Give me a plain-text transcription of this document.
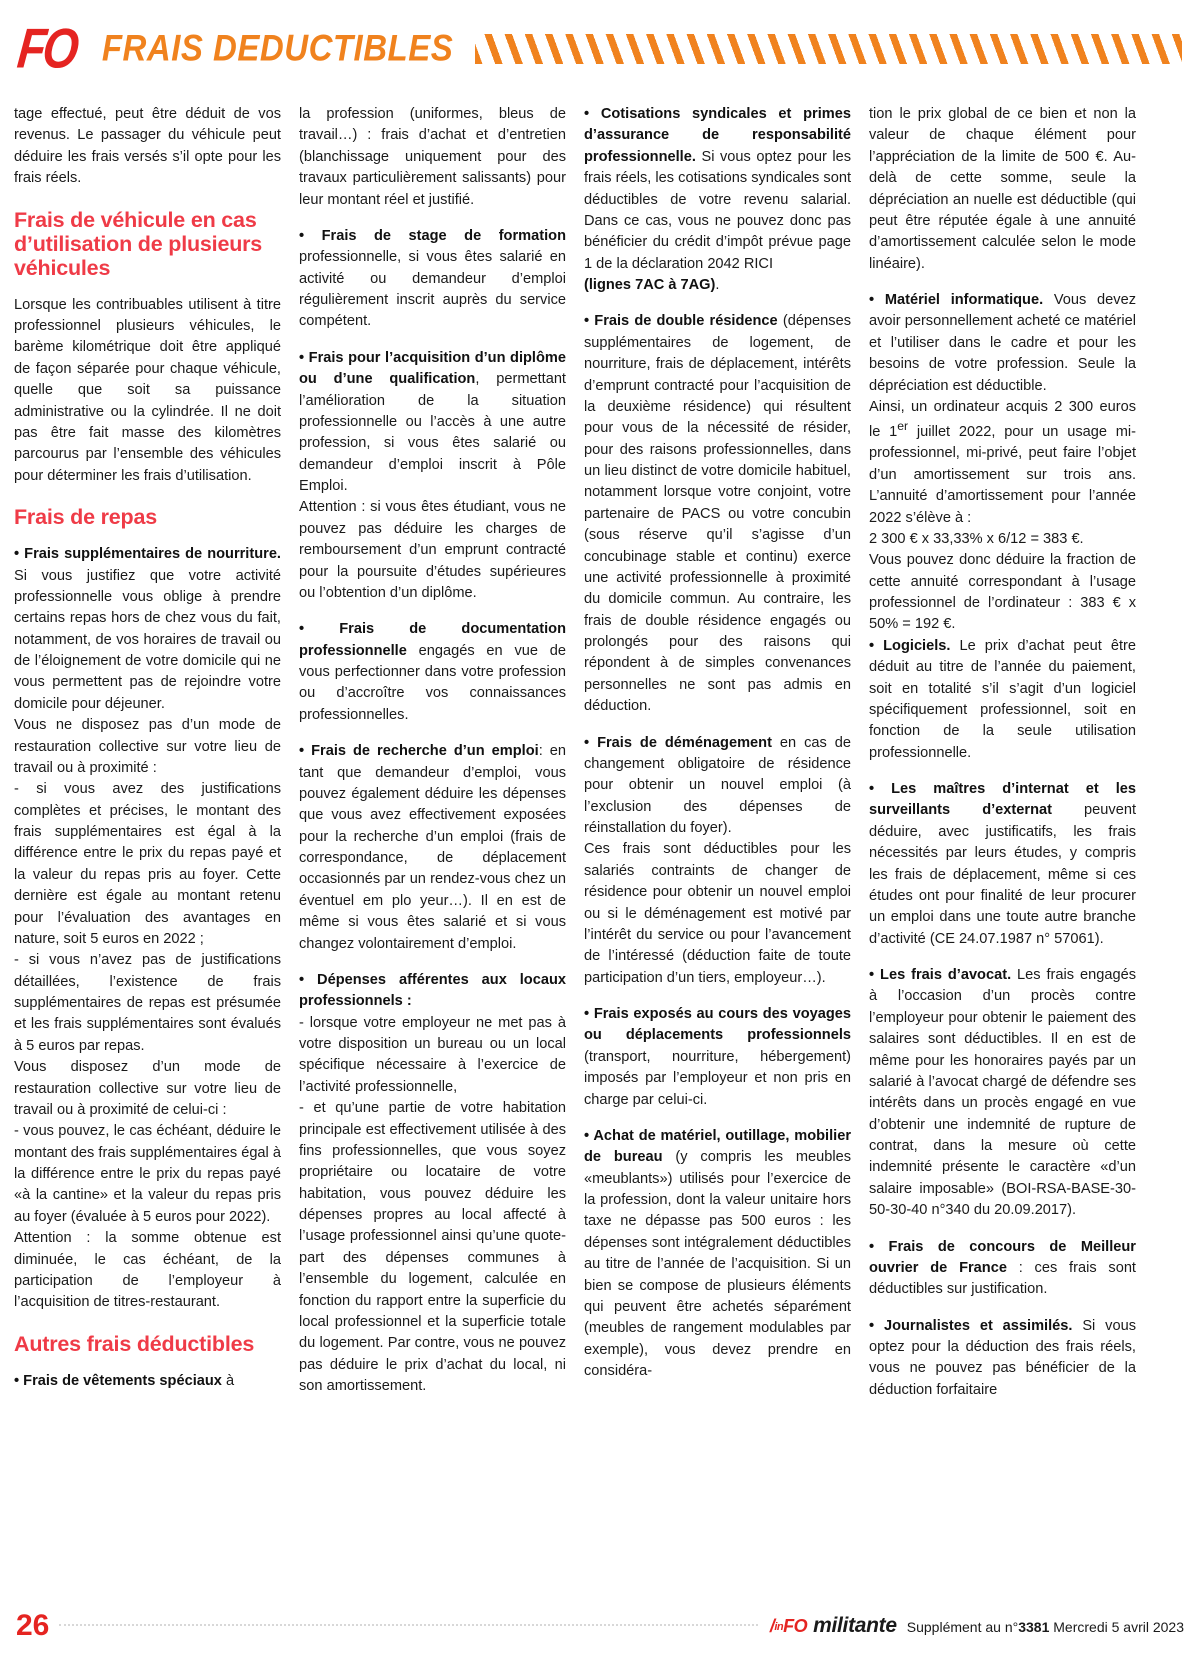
FO FRAIS DEDUCTIBLES

tage effectué, peut être déduit de vos revenus. Le passager du véhicule peut déduire les frais versés s’il opte pour les frais réels.

Frais de véhicule en cas d’utilisation de plusieurs véhicules

Lorsque les contribuables utilisent à titre professionnel plusieurs véhicules, le barème kilométrique doit être appliqué de façon séparée pour chaque véhicule, quelle que soit sa puissance administrative ou la cylindrée. Il ne doit pas être fait masse des kilomètres parcourus par l’ensemble des véhicules pour déterminer les frais d’utilisation.

Frais de repas

• Frais supplémentaires de nourriture. Si vous justifiez que votre activité professionnelle vous oblige à prendre certains repas hors de chez vous du fait, notamment, de vos horaires de travail ou de l’éloignement de votre domicile qui ne vous permettent pas de rejoindre votre domicile pour déjeuner.

Vous ne disposez pas d’un mode de restauration collective sur votre lieu de travail ou à proximité :

- si vous avez des justifications complètes et précises, le montant des frais supplémentaires est égal à la différence entre le prix du repas payé et la valeur du repas pris au foyer. Cette dernière est égale au montant retenu pour l’évaluation des avantages en nature, soit 5 euros en 2022 ;

- si vous n’avez pas de justifications détaillées, l’existence de frais supplémentaires de repas est présumée et les frais supplémentaires sont évalués à 5 euros par repas.

Vous disposez d’un mode de restauration collective sur votre lieu de travail ou à proximité de celui-ci :

- vous pouvez, le cas échéant, déduire le montant des frais supplémentaires égal à la différence entre le prix du repas payé «à la cantine» et la valeur du repas pris au foyer (évaluée à 5 euros pour 2022).

Attention : la somme obtenue est diminuée, le cas échéant, de la participation de l’employeur à l’acquisition de titres-restaurant.

Autres frais déductibles

• Frais de vêtements spéciaux à

la profession (uniformes, bleus de travail…) : frais d’achat et d’entretien (blanchissage uniquement pour des travaux particulièrement salissants) pour leur montant réel et justifié.

• Frais de stage de formation professionnelle, si vous êtes salarié en activité ou demandeur d’emploi régulièrement inscrit auprès du service compétent.

• Frais pour l’acquisition d’un diplôme ou d’une qualification, permettant l’amélioration de la situation professionnelle ou l’accès à une autre profession, si vous êtes salarié ou demandeur d’emploi inscrit à Pôle Emploi.

Attention : si vous êtes étudiant, vous ne pouvez pas déduire les charges de remboursement d’un emprunt contracté pour la poursuite d’études supérieures ou l’obtention d’un diplôme.

• Frais de documentation professionnelle engagés en vue de vous perfectionner dans votre profession ou d’accroître vos connaissances professionnelles.

• Frais de recherche d’un emploi: en tant que demandeur d’emploi, vous pouvez également déduire les dépenses que vous avez effectivement exposées pour la recherche d’un emploi (frais de correspondance, de déplacement occasionnés par un rendez-vous chez un éventuel em plo yeur…). Il en est de même si vous êtes salarié et si vous changez volontairement d’emploi.

• Dépenses afférentes aux locaux professionnels :

- lorsque votre employeur ne met pas à votre disposition un bureau ou un local spécifique nécessaire à l’exercice de l’activité professionnelle,

- et qu’une partie de votre habitation principale est effectivement utilisée à des fins professionnelles, que vous soyez propriétaire ou locataire de votre habitation, vous pouvez déduire les dépenses propres au local affecté à l’usage professionnel ainsi qu’une quote-part des dépenses communes à l’ensemble du logement, calculée en fonction du rapport entre la superficie du local professionnel et la superficie totale du logement. Par contre, vous ne pouvez pas déduire le prix d’achat du local, ni son amortissement.

• Cotisations syndicales et primes d’assurance de responsabilité professionnelle. Si vous optez pour les frais réels, les cotisations syndicales sont déductibles de votre revenu salarial. Dans ce cas, vous ne pouvez donc pas bénéficier du crédit d’impôt prévue page 1 de la déclaration 2042 RICI

(lignes 7AC à 7AG).

• Frais de double résidence (dépenses supplémentaires de logement, de nourriture, frais de déplacement, intérêts d’emprunt contracté pour l’acquisition de la deuxième résidence) qui résultent pour vous de la nécessité de résider, pour des raisons professionnelles, dans un lieu distinct de votre domicile habituel, notamment lorsque votre conjoint, votre partenaire de PACS ou votre concubin (sous réserve qu’il s’agisse d’un concubinage stable et continu) exerce une activité professionnelle à proximité du domicile commun. Au contraire, les frais de double résidence engagés ou prolongés pour des raisons qui répondent à de simples convenances personnelles ne sont pas admis en déduction.

• Frais de déménagement en cas de changement obligatoire de résidence pour obtenir un nouvel emploi (à l’exclusion des dépenses de réinstallation du foyer).

Ces frais sont déductibles pour les salariés contraints de changer de résidence pour obtenir un nouvel emploi ou si le déménagement est motivé par l’intérêt du service ou pour l’avancement de l’intéressé (déduction faite de toute participation d’un tiers, employeur…).

• Frais exposés au cours des voyages ou déplacements professionnels (transport, nourriture, hébergement) imposés par l’employeur et non pris en charge par celui-ci.

• Achat de matériel, outillage, mobilier de bureau (y compris les meubles «meublants») utilisés pour l’exercice de la profession, dont la valeur unitaire hors taxe ne dépasse pas 500 euros : les dépenses sont intégralement déductibles au titre de l’année de l’acquisition. Si un bien se compose de plusieurs éléments qui peuvent être achetés séparément (meubles de rangement modulables par exemple), vous devez prendre en considéra-

tion le prix global de ce bien et non la valeur de chaque élément pour l’appréciation de la limite de 500 €. Au-delà de cette somme, seule la dépréciation an nuelle est déductible (qui peut être réputée égale à une annuité d’amortissement calculée selon le mode linéaire).

• Matériel informatique. Vous devez avoir personnellement acheté ce matériel et l’utiliser dans le cadre et pour les besoins de votre profession. Seule la dépréciation est déductible.

Ainsi, un ordinateur acquis 2 300 euros le 1er juillet 2022, pour un usage mi-professionnel, mi-privé, peut faire l’objet d’un amortissement sur trois ans. L’annuité d’amortissement pour l’année 2022 s’élève à :

2 300 € x 33,33% x 6/12 = 383 €.

Vous pouvez donc déduire la fraction de cette annuité correspondant à l’usage professionnel de l’ordinateur : 383 € x 50% = 192 €.

• Logiciels. Le prix d’achat peut être déduit au titre de l’année du paiement, soit en totalité s’il s’agit d’un logiciel spécifiquement professionnel, soit en fonction de la seule utilisation professionnelle.

• Les maîtres d’internat et les surveillants d’externat peuvent déduire, avec justificatifs, les frais nécessités par leurs études, y compris les frais de déplacement, même si ces études ont pour finalité de leur procurer un emploi dans une toute autre branche d’activité (CE 24.07.1987 n° 57061).

• Les frais d’avocat. Les frais engagés à l’occasion d’un procès contre l’employeur pour obtenir le paiement des salaires sont déductibles. Il en est de même pour les honoraires payés par un salarié à l’avocat chargé de défendre ses intérêts dans un procès engagé en vue d’obtenir une indemnité de rupture de contrat, dans la mesure où cette indemnité présente le caractère «d’un salaire imposable» (BOI-RSA-BASE-30-50-30-40 n°340 du 20.09.2017).

• Frais de concours de Meilleur ouvrier de France : ces frais sont déductibles sur justification.

• Journalistes et assimilés. Si vous optez pour la déduction des frais réels, vous ne pouvez pas bénéficier de la déduction forfaitaire

26	/inFO militante Supplément au n°3381 Mercredi 5 avril 2023
